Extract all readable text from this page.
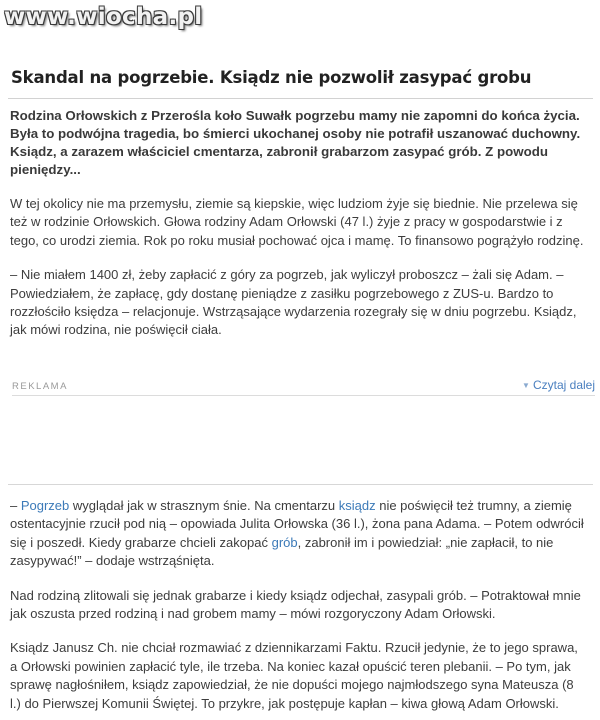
www.wiocha.pl
Skandal na pogrzebie. Ksiądz nie pozwolił zasypać grobu
Rodzina Orłowskich z Przerośla koło Suwałk pogrzebu mamy nie zapomni do końca życia. Była to podwójna tragedia, bo śmierci ukochanej osoby nie potrafił uszanować duchowny. Ksiądz, a zarazem właściciel cmentarza, zabronił grabarzom zasypać grób. Z powodu pieniędzy...

W tej okolicy nie ma przemysłu, ziemie są kiepskie, więc ludziom żyje się biednie. Nie przelewa się też w rodzinie Orłowskich. Głowa rodziny Adam Orłowski (47 l.) żyje z pracy w gospodarstwie i z tego, co urodzi ziemia. Rok po roku musiał pochować ojca i mamę. To finansowo pogrążyło rodzinę.

– Nie miałem 1400 zł, żeby zapłacić z góry za pogrzeb, jak wyliczył proboszcz – żali się Adam. – Powiedziałem, że zapłacę, gdy dostanę pieniądze z zasiłku pogrzebowego z ZUS-u. Bardzo to rozzłościło księdza – relacjonuje. Wstrząsające wydarzenia rozegrały się w dniu pogrzebu. Ksiądz, jak mówi rodzina, nie poświęcił ciała.

REKLAMA	▼ Czytaj dalej

– Pogrzeb wyglądał jak w strasznym śnie. Na cmentarzu ksiądz nie poświęcił też trumny, a ziemię ostentacyjnie rzucił pod nią – opowiada Julita Orłowska (36 l.), żona pana Adama. – Potem odwrócił się i poszedł. Kiedy grabarze chcieli zakopać grób, zabronił im i powiedział: „nie zapłacił, to nie zasypywać!” – dodaje wstrząśnięta.

Nad rodziną zlitowali się jednak grabarze i kiedy ksiądz odjechał, zasypali grób. – Potraktował mnie jak oszusta przed rodziną i nad grobem mamy – mówi rozgoryczony Adam Orłowski.

Ksiądz Janusz Ch. nie chciał rozmawiać z dziennikarzami Faktu. Rzucił jedynie, że to jego sprawa, a Orłowski powinien zapłacić tyle, ile trzeba. Na koniec kazał opuścić teren plebanii. – Po tym, jak sprawę nagłośniłem, ksiądz zapowiedział, że nie dopuści mojego najmłodszego syna Mateusza (8 l.) do Pierwszej Komunii Świętej. To przykre, jak postępuje kapłan – kiwa głową Adam Orłowski.
